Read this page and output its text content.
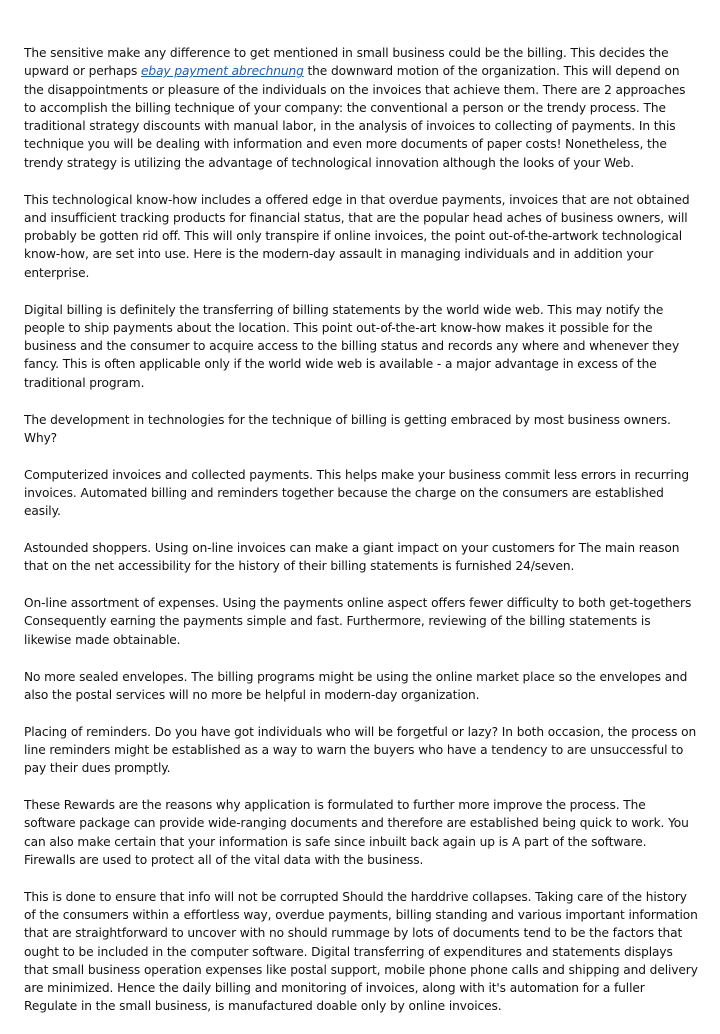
The sensitive make any difference to get mentioned in small business could be the billing. This decides the upward or perhaps ebay payment abrechnung the downward motion of the organization. This will depend on the disappointments or pleasure of the individuals on the invoices that achieve them. There are 2 approaches to accomplish the billing technique of your company: the conventional a person or the trendy process. The traditional strategy discounts with manual labor, in the analysis of invoices to collecting of payments. In this technique you will be dealing with information and even more documents of paper costs! Nonetheless, the trendy strategy is utilizing the advantage of technological innovation although the looks of your Web.

This technological know-how includes a offered edge in that overdue payments, invoices that are not obtained and insufficient tracking products for financial status, that are the popular head aches of business owners, will probably be gotten rid off. This will only transpire if online invoices, the point out-of-the-artwork technological know-how, are set into use. Here is the modern-day assault in managing individuals and in addition your enterprise.

Digital billing is definitely the transferring of billing statements by the world wide web. This may notify the people to ship payments about the location. This point out-of-the-art know-how makes it possible for the business and the consumer to acquire access to the billing status and records any where and whenever they fancy. This is often applicable only if the world wide web is available - a major advantage in excess of the traditional program.

The development in technologies for the technique of billing is getting embraced by most business owners. Why?

Computerized invoices and collected payments. This helps make your business commit less errors in recurring invoices. Automated billing and reminders together because the charge on the consumers are established easily.

Astounded shoppers. Using on-line invoices can make a giant impact on your customers for The main reason that on the net accessibility for the history of their billing statements is furnished 24/seven.

On-line assortment of expenses. Using the payments online aspect offers fewer difficulty to both get-togethers Consequently earning the payments simple and fast. Furthermore, reviewing of the billing statements is likewise made obtainable.

No more sealed envelopes. The billing programs might be using the online market place so the envelopes and also the postal services will no more be helpful in modern-day organization.

Placing of reminders. Do you have got individuals who will be forgetful or lazy? In both occasion, the process on line reminders might be established as a way to warn the buyers who have a tendency to are unsuccessful to pay their dues promptly.

These Rewards are the reasons why application is formulated to further more improve the process. The software package can provide wide-ranging documents and therefore are established being quick to work. You can also make certain that your information is safe since inbuilt back again up is A part of the software. Firewalls are used to protect all of the vital data with the business.

This is done to ensure that info will not be corrupted Should the harddrive collapses. Taking care of the history of the consumers within a effortless way, overdue payments, billing standing and various important information that are straightforward to uncover with no should rummage by lots of documents tend to be the factors that ought to be included in the computer software. Digital transferring of expenditures and statements displays that small business operation expenses like postal support, mobile phone phone calls and shipping and delivery are minimized. Hence the daily billing and monitoring of invoices, along with it's automation for a fuller Regulate in the small business, is manufactured doable only by online invoices.
